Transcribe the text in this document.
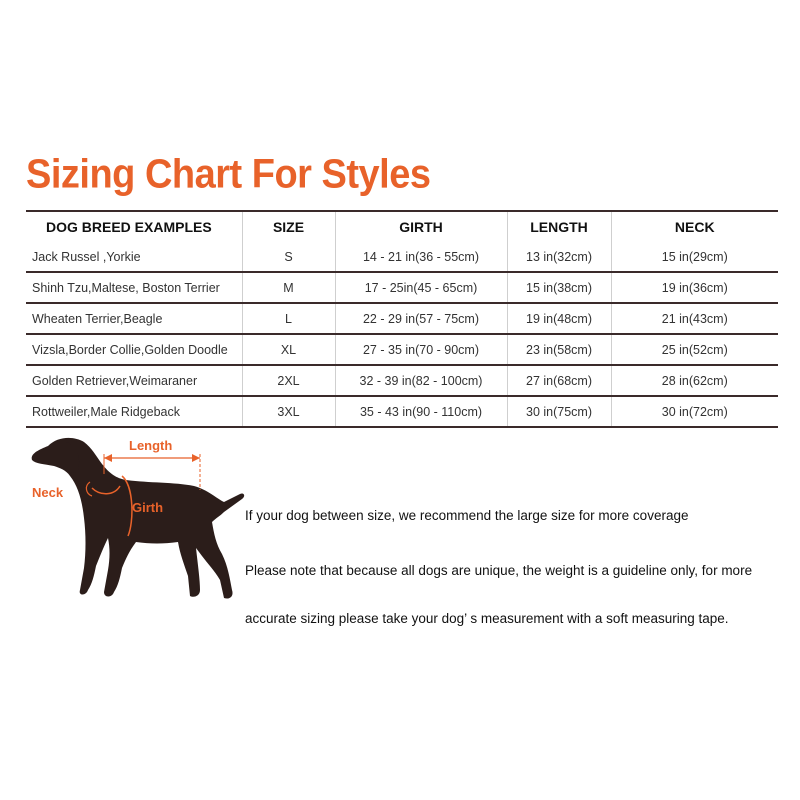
Sizing Chart For Styles
DOG BREED EXAMPLES	SIZE	GIRTH	LENGTH	NECK
Jack Russel ,Yorkie	S	14 - 21 in(36 - 55cm)	13 in(32cm)	15 in(29cm)
Shinh Tzu,Maltese, Boston Terrier	M	17 - 25in(45 - 65cm)	15 in(38cm)	19 in(36cm)
Wheaten Terrier,Beagle	L	22 - 29 in(57 - 75cm)	19 in(48cm)	21 in(43cm)
Vizsla,Border Collie,Golden Doodle	XL	27 - 35 in(70 - 90cm)	23 in(58cm)	25 in(52cm)
Golden Retriever,Weimaraner	2XL	32 - 39 in(82 - 100cm)	27 in(68cm)	28 in(62cm)
Rottweiler,Male Ridgeback	3XL	35 - 43 in(90 - 110cm)	30 in(75cm)	30 in(72cm)
Length
Neck
Girth

If your dog between size, we recommend the large size for more coverage

Please note that because all dogs are unique, the weight is a guideline only, for more

accurate sizing please take your dog’ s measurement with a soft measuring tape.
